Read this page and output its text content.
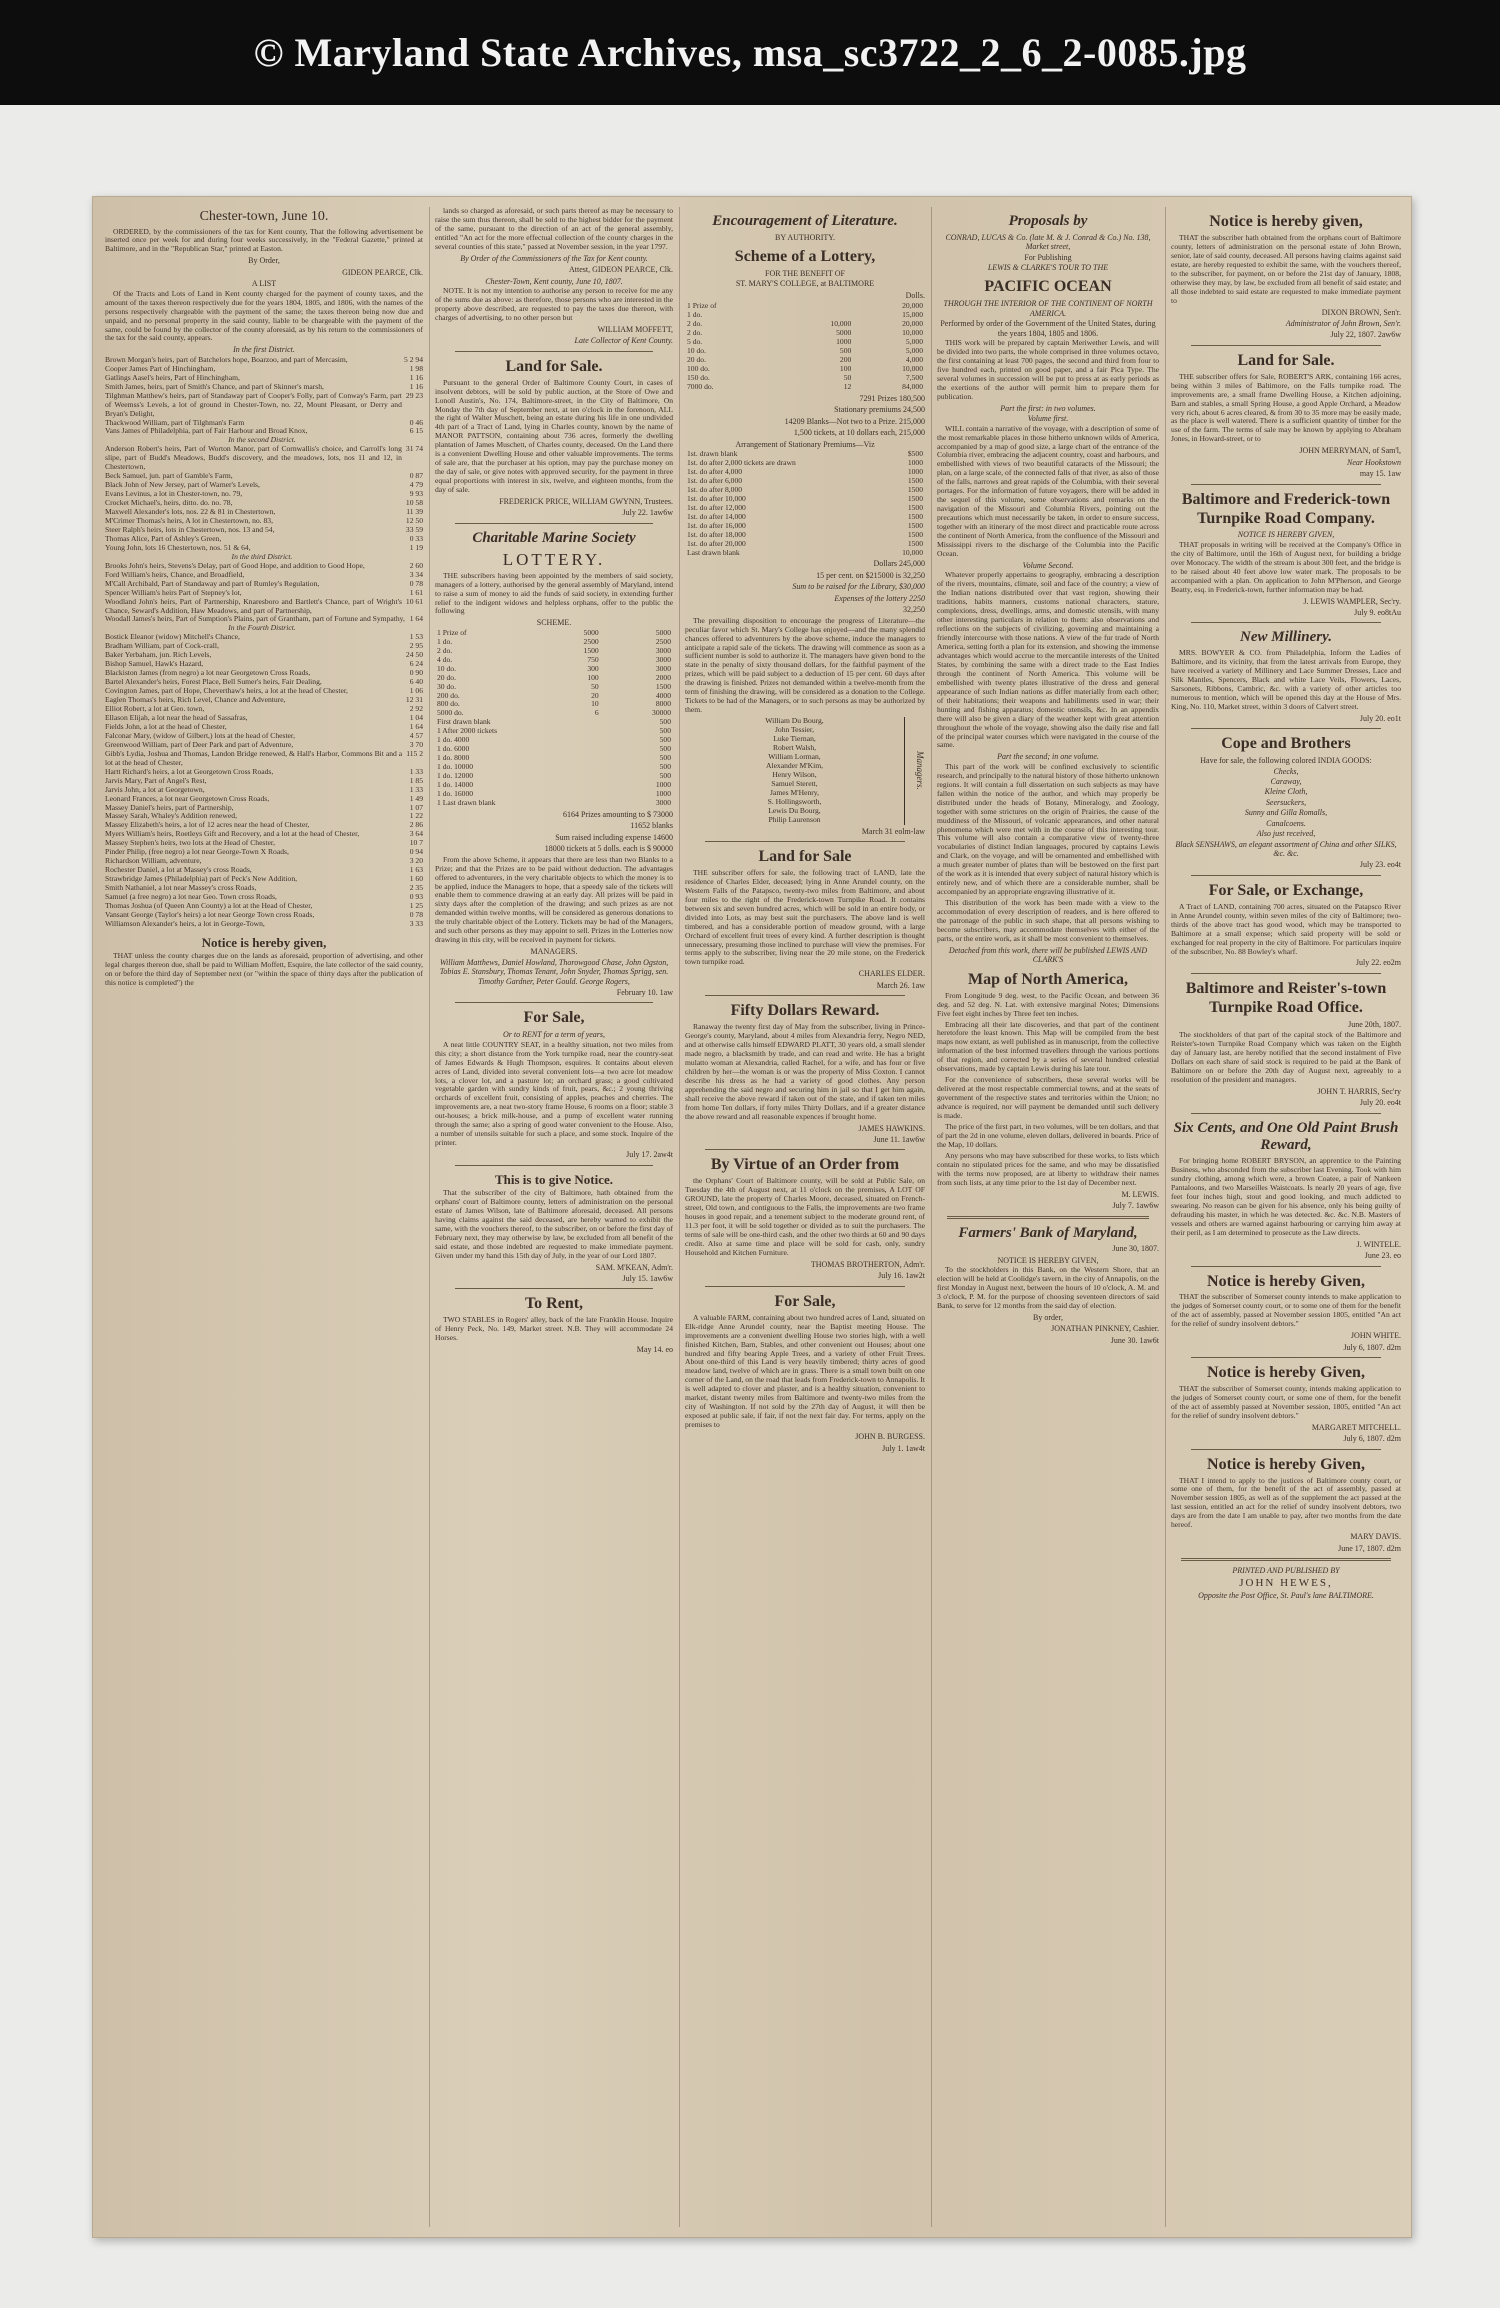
© Maryland State Archives, msa_sc3722_2_6_2-0085.jpg
Chester-town, June 10.

ORDERED, by the commissioners of the tax for Kent county, That the following advertisement be inserted once per week for and during four weeks successively, in the "Federal Gazette," printed at Baltimore, and in the "Republican Star," printed at Easton.

By Order,
GIDEON PEARCE, Clk.
A LIST

Of the Tracts and Lots of Land in Kent county charged for the payment of county taxes, and the amount of the taxes thereon respectively due for the years 1804, 1805, and 1806, with the names of the persons respectively chargeable with the payment of the same; the taxes thereon being now due and unpaid, and no personal property in the said county, liable to be chargeable with the payment of the same, could be found by the collector of the county aforesaid, as by his return to the commissioners of the tax for the said county, appears.

In the first District.
Brown Morgan's heirs, part of Batchelors hope, Boarzoo, and part of Mercasim,	5 2 94
Cooper James Part of Hinchingham,	1 98
Gatlings Aasel's heirs, Part of Hinchingham,	1 16
Smith James, heirs, part of Smith's Chance, and part of Skinner's marsh,	1 16
Tilghman Matthew's heirs, part of Standaway part of Cooper's Folly, part of Conway's Farm, part of Weemss's Levels, a lot of ground in Chester-Town, no. 22, Mount Pleasant, or Derry and Bryan's Delight,
29 23
Thackwood William, part of Tilghman's Farm	0 46
Vans James of Philadelphia, part of Fair Harbour and Broad Knox,	6 15
In the second District.
Anderson Robert's heirs, Part of Worton Manor, part of Cornwallis's choice, and Carroll's long slipe, part of Budd's Meadows, Budd's discovery, and the meadows, lots, nos 11 and 12, in Chestertown,
31 74
Beck Samuel, jun. part of Gamble's Farm,	0 87
Black John of New Jersey, part of Warner's Levels,	4 79
Evans Levinus, a lot in Chester-town, no. 79,	9 93
Crocket Michael's, heirs, ditto. do. no. 78,	10 58
Maxwell Alexander's lots, nos. 22 & 81 in Chestertown,	11 39
M'Crimer Thomas's heirs, A lot in Chestertown, no. 83,	12 50
Steer Ralph's heirs, lots in Chestertown, nos. 13 and 54,	33 59
Thomas Alice, Part of Ashley's Green,	0 33
Young John, lots 16 Chestertown, nos. 51 & 64,	1 19
In the third District.
Brooks John's heirs, Stevens's Delay, part of Good Hope, and addition to Good Hope,	2 60
Ford William's heirs, Chance, and Broadfield,	3 34
M'Call Archibald, Part of Standaway and part of Rumley's Regulation,	0 78
Spencer William's heirs Part of Stepney's lot,	1 61
Woodland John's heirs, Part of Partnership, Knaresboro and Bartlett's Chance, part of Wright's Chance, Seward's Addition, Haw Meadows, and part of Partnership,
10 61
Woodall James's heirs, Part of Sumption's Plains, part of Grantham, part of Fortune and Sympathy, 1 64
In the Fourth District.
Bostick Eleanor (widow) Mitchell's Chance,	1 53
Bradham William, part of Cock-crall,	2 95
Baker Yerbaham, jun. Rich Levels,	24 50
Bishop Samuel, Hawk's Hazard,	6 24
Blackiston James (from negro) a lot near Georgetown Cross Roads,	0 90
Bartel Alexander's heirs, Forest Place, Bell Sumer's heirs, Fair Dealing,	6 40
Covington James, part of Hope, Cheverthaw's heirs, a lot at the head of Chester,	1 06
Eaglen Thomas's heirs, Rich Level, Chance and Adventure,	12 31
Elliot Robert, a lot at Geo. town,	2 92
Ellason Elijah, a lot near the head of Sassafras,	1 04
Fields John, a lot at the head of Chester,	1 64
Falconar Mary, (widow of Gilbert,) lots at the head of Chester,	4 57
Greenwood William, part of Deer Park and part of Adventure,	3 70
Gibb's Lydia, Joshua and Thomas, Landon Bridge renewed, & Hall's Harbor, Commons Bit and a lot at the head of Chester,
115 2
Hartt Richard's heirs, a lot at Georgetown Cross Roads,	1 33
Jarvis Mary, Part of Angel's Rest,	1 85
Jarvis John, a lot at Georgetown,	1 33
Leonard Frances, a lot near Georgetown Cross Roads,	1 49
Massey Daniel's heirs, part of Partnership,	1 07
Massey Sarah, Whaley's Addition renewed,	1 22
Massey Elizabeth's heirs, a lot of 12 acres near the head of Chester,	2 86
Myers William's heirs, Roetleys Gift and Recovery, and a lot at the head of Chester,	3 64
Massey Stephen's heirs, two lots at the Head of Chester,	10 7
Pinder Philip, (free negro) a lot near George-Town X Roads,	0 94
Richardson William, adventure,	3 20
Rochester Daniel, a lot at Massey's cross Roads,	1 63
Strawbridge James (Philadelphia) part of Peck's New Addition,	1 60
Smith Nathaniel, a lot near Massey's cross Roads,	2 35
Samuel (a free negro) a lot near Geo. Town cross Roads,	0 93
Thomas Joshua (of Queen Ann County) a lot at the Head of Chester,	1 25
Vansant George (Taylor's heirs) a lot near George Town cross Roads,	0 78
Williamson Alexander's heirs, a lot in George-Town,	3 33
Notice is hereby given,

THAT unless the county charges due on the lands as aforesaid, proportion of advertising, and other legal charges thereon due, shall be paid to William Moffett, Esquire, the late collector of the said county, on or before the third day of September next (or "within the space of thirty days after the publication of this notice is completed") the

lands so charged as aforesaid, or such parts thereof as may be necessary to raise the sum thus thereon, shall be sold to the highest bidder for the payment of the same, pursuant to the direction of an act of the general assembly, entitled "An act for the more effectual collection of the county charges in the several counties of this state," passed at November session, in the year 1797.

By Order of the Commissioners of the Tax for Kent county.
Attest, GIDEON PEARCE, Clk.
Chester-Town, Kent county, June 10, 1807.

NOTE. It is not my intention to authorise any person to receive for me any of the sums due as above: as therefore, those persons who are interested in the property above described, are requested to pay the taxes due thereon, with charges of advertising, to no other person but

WILLIAM MOFFETT,
Late Collector of Kent County.
Land for Sale.

Pursuant to the general Order of Baltimore County Court, in cases of insolvent debtors, will be sold by public auction, at the Store of Owe and Lonoll Austin's, No. 174, Baltimore-street, in the City of Baltimore, On Monday the 7th day of September next, at ten o'clock in the forenoon, ALL the right of Walter Muschett, being an estate during his life in one undivided 4th part of a Tract of Land, lying in Charles county, known by the name of MANOR PATTSON, containing about 736 acres, formerly the dwelling plantation of James Muschett, of Charles county, deceased. On the Land there is a convenient Dwelling House and other valuable improvements. The terms of sale are, that the purchaser at his option, may pay the purchase money on the day of sale, or give notes with approved security, for the payment in three equal proportions with interest in six, twelve, and eighteen months, from the day of sale.

FREDERICK PRICE, WILLIAM GWYNN, Trustees.
July 22. 1aw6w
Charitable Marine Society
LOTTERY.

THE subscribers having been appointed by the members of said society, managers of a lottery, authorised by the general assembly of Maryland, intend to raise a sum of money to aid the funds of said society, in extending further relief to the indigent widows and helpless orphans, offer to the public the following

SCHEME.
1 Prize of	5000	5000
1 do.	2500	2500
2 do.	1500	3000
4 do.	750	3000
10 do.	300	3000
20 do.	100	2000
30 do.	50	1500
200 do.	20	4000
800 do.	10	8000
5000 do.	6	30000
First drawn blank	500
1 After 2000 tickets	500
1 do. 4000	500
1 do. 6000	500
1 do. 8000	500
1 do. 10000	500
1 do. 12000	500
1 do. 14000	1000
1 do. 16000	1000
1 Last drawn blank	3000
6164 Prizes amounting to $ 73000
11652 blanks
Sum raised including expense 14600
18000 tickets at 5 dolls. each is $ 90000

From the above Scheme, it appears that there are less than two Blanks to a Prize; and that the Prizes are to be paid without deduction. The advantages offered to adventurers, in the very charitable objects to which the money is to be applied, induce the Managers to hope, that a speedy sale of the tickets will enable them to commence drawing at an early day. All prizes will be paid in sixty days after the completion of the drawing; and such prizes as are not demanded within twelve months, will be considered as generous donations to the truly charitable object of the Lottery. Tickets may be had of the Managers, and such other persons as they may appoint to sell. Prizes in the Lotteries now drawing in this city, will be received in payment for tickets.

MANAGERS.
William Matthews, Daniel Howland, Thorowgood Chase, John Ogston, Tobias E. Stansbury, Thomas Tenant, John Snyder, Thomas Sprigg, sen. Timothy Gardner, Peter Gould. George Rogers,
February 10. 1aw
For Sale,
Or to RENT for a term of years,

A neat little COUNTRY SEAT, in a healthy situation, not two miles from this city; a short distance from the York turnpike road, near the country-seat of James Edwards & Hugh Thompson, esquires. It contains about eleven acres of Land, divided into several convenient lots—a two acre lot meadow lots, a clover lot, and a pasture lot; an orchard grass; a good cultivated vegetable garden with sundry kinds of fruit, pears, &c.; 2 young thriving orchards of excellent fruit, consisting of apples, peaches and cherries. The improvements are, a neat two-story frame House, 6 rooms on a floor; stable 3 out-houses; a brick milk-house, and a pump of excellent water running through the same; also a spring of good water convenient to the House. Also, a number of utensils suitable for such a place, and some stock. Inquire of the printer.

July 17. 2aw4t
This is to give Notice.

That the subscriber of the city of Baltimore, hath obtained from the orphans' court of Baltimore county, letters of administration on the personal estate of James Wilson, late of Baltimore aforesaid, deceased. All persons having claims against the said deceased, are hereby warned to exhibit the same, with the vouchers thereof, to the subscriber, on or before the first day of February next, they may otherwise by law, be excluded from all benefit of the said estate, and those indebted are requested to make immediate payment. Given under my hand this 15th day of July, in the year of our Lord 1807.

SAM. M'KEAN, Adm'r.
July 15. 1aw6w
To Rent,

TWO STABLES in Rogers' alley, back of the late Franklin House. Inquire of Henry Peck, No. 149, Market street. N.B. They will accommodate 24 Horses.

May 14. eo
Encouragement of Literature.
BY AUTHORITY.
Scheme of a Lottery,
FOR THE BENEFIT OF
ST. MARY'S COLLEGE, at BALTIMORE
Dolls.
1 Prize of		20,000
1 do.		15,000
2 do.	10,000	20,000
2 do.	5000	10,000
5 do.	1000	5,000
10 do.	500	5,000
20 do.	200	4,000
100 do.	100	10,000
150 do.	50	7,500
7000 do.	12	84,000
7291 Prizes 180,500
Stationary premiums 24,500
14209 Blanks—Not two to a Prize. 215,000
1,500 tickets, at 10 dollars each, 215,000
Arrangement of Stationary Premiums—Viz
1st. drawn blank	$500
1st. do after 2,000 tickets are drawn	1000
1st. do after 4,000	1000
1st. do after 6,000	1500
1st. do after 8,000	1500
1st. do after 10,000	1500
1st. do after 12,000	1500
1st. do after 14,000	1500
1st. do after 16,000	1500
1st. do after 18,000	1500
1st. do after 20,000	1500
Last drawn blank	10,000
Dollars 245,000
15 per cent. on $215000 is 32,250
Sum to be raised for the Library, $30,000
Expenses of the lottery 2250
32,250

The prevailing disposition to encourage the progress of Literature—the peculiar favor which St. Mary's College has enjoyed—and the many splendid chances offered to adventurers by the above scheme, induce the managers to anticipate a rapid sale of the tickets. The drawing will commence as soon as a sufficient number is sold to authorize it. The managers have given bond to the state in the penalty of sixty thousand dollars, for the faithful payment of the prizes, which will be paid subject to a deduction of 15 per cent. 60 days after the drawing is finished. Prizes not demanded within a twelve-month from the term of finishing the drawing, will be considered as a donation to the College. Tickets to be had of the Managers, or to such persons as may be authorized by them.

William Du Bourg,
John Tessier,
Luke Tiernan,
Robert Walsh,
William Lorman,
Alexander M'Kim,
Henry Wilson,
Samuel Sterett,
James M'Henry,
S. Hollingsworth,
Lewis Du Bourg,
Philip Laurenson
Managers.
March 31 eolm-law
Land for Sale

THE subscriber offers for sale, the following tract of LAND, late the residence of Charles Elder, deceased; lying in Anne Arundel county, on the Western Falls of the Patapsco, twenty-two miles from Baltimore, and about four miles to the right of the Frederick-town Turnpike Road. It contains between six and seven hundred acres, which will be sold in an entire body, or divided into Lots, as may best suit the purchasers. The above land is well timbered, and has a considerable portion of meadow ground, with a large Orchard of excellent fruit trees of every kind. A further description is thought unnecessary, presuming those inclined to purchase will view the premises. For terms apply to the subscriber, living near the 20 mile stone, on the Frederick town turnpike road.

CHARLES ELDER.
March 26. 1aw
Fifty Dollars Reward.

Ranaway the twenty first day of May from the subscriber, living in Prince-George's county, Maryland, about 4 miles from Alexandria ferry, Negro NED, and at otherwise calls himself EDWARD PLATT, 30 years old, a small slender made negro, a blacksmith by trade, and can read and write. He has a bright mulatto woman at Alexandria, called Rachel, for a wife, and has four or five children by her—the woman is or was the property of Miss Coxton. I cannot describe his dress as he had a variety of good clothes. Any person apprehending the said negro and securing him in jail so that I get him again, shall receive the above reward if taken out of the state, and if taken ten miles from home Ten dollars, if forty miles Thirty Dollars, and if a greater distance the above reward and all reasonable expences if brought home.

JAMES HAWKINS.
June 11. 1aw6w
By Virtue of an Order from

the Orphans' Court of Baltimore county, will be sold at Public Sale, on Tuesday the 4th of August next, at 11 o'clock on the premises, A LOT OF GROUND, late the property of Charles Moore, deceased, situated on French-street, Old town, and contiguous to the Falls, the improvements are two frame houses in good repair, and a tenement subject to the moderate ground rent, of 11.3 per foot, it will be sold together or divided as to suit the purchasers. The terms of sale will be one-third cash, and the other two thirds at 60 and 90 days credit. Also at same time and place will be sold for cash, only, sundry Household and Kitchen Furniture.

THOMAS BROTHERTON, Adm'r.
July 16. 1aw2t
For Sale,

A valuable FARM, containing about two hundred acres of Land, situated on Elk-ridge Anne Arundel county, near the Baptist meeting House. The improvements are a convenient dwelling House two stories high, with a well finished Kitchen, Barn, Stables, and other convenient out Houses; about one hundred and fifty bearing Apple Trees, and a variety of other Fruit Trees. About one-third of this Land is very heavily timbered; thirty acres of good meadow land, twelve of which are in grass. There is a small town built on one corner of the Land, on the road that leads from Frederick-town to Annapolis. It is well adapted to clover and plaster, and is a healthy situation, convenient to market, distant twenty miles from Baltimore and twenty-two miles from the city of Washington. If not sold by the 27th day of August, it will then be exposed at public sale, if fair, if not the next fair day. For terms, apply on the premises to

JOHN B. BURGESS.
July 1. 1aw4t
Proposals by
CONRAD, LUCAS & Co. (late M. & J. Conrad & Co.) No. 138, Market street,
For Publishing
LEWIS & CLARKE'S TOUR TO THE
PACIFIC OCEAN
THROUGH THE INTERIOR OF THE CONTINENT OF NORTH AMERICA.
Performed by order of the Government of the United States, during the years 1804, 1805 and 1806.

THIS work will be prepared by captain Meriwether Lewis, and will be divided into two parts, the whole comprised in three volumes octavo, the first containing at least 700 pages, the second and third from four to five hundred each, printed on good paper, and a fair Pica Type. The several volumes in succession will be put to press at as early periods as the exertions of the author will permit him to prepare them for publication.

Part the first: in two volumes.
Volume first.

WILL contain a narrative of the voyage, with a description of some of the most remarkable places in those hitherto unknown wilds of America, accompanied by a map of good size, a large chart of the entrance of the Columbia river, embracing the adjacent country, coast and harbours, and embellished with views of two beautiful cataracts of the Missouri; the plan, on a large scale, of the connected falls of that river, as also of those of the falls, narrows and great rapids of the Columbia, with their several portages. For the information of future voyagers, there will be added in the sequel of this volume, some observations and remarks on the navigation of the Missouri and Columbia Rivers, pointing out the precautions which must necessarily be taken, in order to ensure success, together with an itinerary of the most direct and practicable route across the continent of North America, from the confluence of the Missouri and Mississippi rivers to the discharge of the Columbia into the Pacific Ocean.

Volume Second.

Whatever properly appertains to geography, embracing a description of the rivers, mountains, climate, soil and face of the country; a view of the Indian nations distributed over that vast region, showing their traditions, habits manners, customs national characters, stature, complexions, dress, dwellings, arms, and domestic utensils, with many other interesting particulars in relation to them: also observations and reflections on the subjects of civilizing, governing and maintaining a friendly intercourse with those nations. A view of the fur trade of North America, setting forth a plan for its extension, and showing the immense advantages which would accrue to the mercantile interests of the United States, by combining the same with a direct trade to the East Indies through the continent of North America. This volume will be embellished with twenty plates illustrative of the dress and general appearance of such Indian nations as differ materially from each other; of their habitations; their weapons and habiliments used in war; their hunting and fishing apparatus; domestic utensils, &c. In an appendix there will also be given a diary of the weather kept with great attention throughout the whole of the voyage, showing also the daily rise and fall of the principal water courses which were navigated in the course of the same.

Part the second; in one volume.

This part of the work will be confined exclusively to scientific research, and principally to the natural history of those hitherto unknown regions. It will contain a full dissertation on such subjects as may have fallen within the notice of the author, and which may properly be distributed under the heads of Botany, Mineralogy, and Zoology, together with some strictures on the origin of Prairies, the cause of the muddiness of the Missouri, of volcanic appearances, and other natural phenomena which were met with in the course of this interesting tour. This volume will also contain a comparative view of twenty-three vocabularies of distinct Indian languages, procured by captains Lewis and Clark, on the voyage, and will be ornamented and embellished with a much greater number of plates than will be bestowed on the first part of the work as it is intended that every subject of natural history which is entirely new, and of which there are a considerable number, shall be accompanied by an appropriate engraving illustrative of it.

This distribution of the work has been made with a view to the accommodation of every description of readers, and is here offered to the patronage of the public in such shape, that all persons wishing to become subscribers, may accommodate themselves with either of the parts, or the entire work, as it shall be most convenient to themselves.

Detached from this work, there will be published LEWIS AND CLARK'S
Map of North America,

From Longitude 9 deg. west, to the Pacific Ocean, and between 36 deg. and 52 deg. N. Lat. with extensive marginal Notes; Dimensions Five feet eight inches by Three feet ten inches.

Embracing all their late discoveries, and that part of the continent heretofore the least known. This Map will be compiled from the best maps now extant, as well published as in manuscript, from the collective information of the best informed travellers through the various portions of that region, and corrected by a series of several hundred celestial observations, made by captain Lewis during his late tour.

For the convenience of subscribers, these several works will be delivered at the most respectable commercial towns, and at the seats of government of the respective states and territories within the Union; no advance is required, nor will payment be demanded until such delivery is made.

The price of the first part, in two volumes, will be ten dollars, and that of part the 2d in one volume, eleven dollars, delivered in boards. Price of the Map, 10 dollars.

Any persons who may have subscribed for these works, to lists which contain no stipulated prices for the same, and who may be dissatisfied with the terms now proposed, are at liberty to withdraw their names from such lists, at any time prior to the 1st day of December next.

M. LEWIS.
July 7. 1aw6w
Farmers' Bank of Maryland,
June 30, 1807.
NOTICE IS HEREBY GIVEN,

To the stockholders in this Bank, on the Western Shore, that an election will be held at Coolidge's tavern, in the city of Annapolis, on the first Monday in August next, between the hours of 10 o'clock, A. M. and 3 o'clock, P. M. for the purpose of choosing seventeen directors of said Bank, to serve for 12 months from the said day of election.

By order,
JONATHAN PINKNEY, Cashier.
June 30. 1aw6t
Notice is hereby given,

THAT the subscriber hath obtained from the orphans court of Baltimore county, letters of administration on the personal estate of John Brown, senior, late of said county, deceased. All persons having claims against said estate, are hereby requested to exhibit the same, with the vouchers thereof, to the subscriber, for payment, on or before the 21st day of January, 1808, otherwise they may, by law, be excluded from all benefit of said estate; and all those indebted to said estate are requested to make immediate payment to

DIXON BROWN, Sen'r.
Administrator of John Brown, Sen'r.
July 22, 1807. 2aw6w
Land for Sale.

THE subscriber offers for Sale, ROBERT'S ARK, containing 166 acres, being within 3 miles of Baltimore, on the Falls turnpike road. The improvements are, a small frame Dwelling House, a Kitchen adjoining, Barn and stables, a small Spring House, a good Apple Orchard, a Meadow very rich, about 6 acres cleared, & from 30 to 35 more may be easily made, as the place is well watered. There is a sufficient quantity of timber for the use of the farm. The terms of sale may be known by applying to Abraham Jones, in Howard-street, or to

JOHN MERRYMAN, of Sam'l,
Near Hookstown
may 15. 1aw
Baltimore and Frederick-town Turnpike Road Company.
NOTICE IS HEREBY GIVEN,

THAT proposals in writing will be received at the Company's Office in the city of Baltimore, until the 16th of August next, for building a bridge over Monocacy. The width of the stream is about 300 feet, and the bridge is to be raised about 40 feet above low water mark. The proposals to be accompanied with a plan. On application to John M'Pherson, and George Beatty, esq. in Frederick-town, further information may be had.

J. LEWIS WAMPLER, Sec'ry.
July 9. eo8tAu
New Millinery.

MRS. BOWYER & CO. from Philadelphia, Inform the Ladies of Baltimore, and its vicinity, that from the latest arrivals from Europe, they have received a variety of Millinery and Lace Summer Dresses, Lace and Silk Mantles, Spencers, Black and white Lace Veils, Flowers, Laces, Sarsonets, Ribbons, Cambric, &c. with a variety of other articles too numerous to mention, which will be opened this day at the House of Mrs. King, No. 110, Market street, within 3 doors of Calvert street.

July 20. eo1t
Cope and Brothers
Have for sale, the following colored INDIA GOODS:
Checks,
Caraway,
Kleine Cloth,
Seersuckers,
Sunny and Gilla Romalls,
Canalcoens.
Also just received,
Black SENSHAWS, an elegant assortment of China and other SILKS, &c. &c.
July 23. eo4t
For Sale, or Exchange,

A Tract of LAND, containing 700 acres, situated on the Patapsco River in Anne Arundel county, within seven miles of the city of Baltimore; two-thirds of the above tract has good wood, which may be transported to Baltimore at a small expense; which said property will be sold or exchanged for real property in the city of Baltimore. For particulars inquire of the subscriber, No. 88 Bowley's wharf.

July 22. eo2m
Baltimore and Reister's-town Turnpike Road Office.
June 20th, 1807.

The stockholders of that part of the capital stock of the Baltimore and Reister's-town Turnpike Road Company which was taken on the Eighth day of January last, are hereby notified that the second instalment of Five Dollars on each share of said stock is required to be paid at the Bank of Baltimore on or before the 20th day of August next, agreeably to a resolution of the president and managers.

JOHN T. HARRIS, Sec'ry
July 20. eo4t
Six Cents, and One Old Paint Brush Reward,

For bringing home ROBERT BRYSON, an apprentice to the Painting Business, who absconded from the subscriber last Evening. Took with him sundry clothing, among which were, a brown Coatee, a pair of Nankeen Pantaloons, and two Marseilles Waistcoats. Is nearly 20 years of age, five feet four inches high, stout and good looking, and much addicted to swearing. No reason can be given for his absence, only his being guilty of defrauding his master, in which he was detected. &c. &c. N.B. Masters of vessels and others are warned against harbouring or carrying him away at their peril, as I am determined to prosecute as the Law directs.

J. WINTELE.
June 23. eo
Notice is hereby Given,

THAT the subscriber of Somerset county intends to make application to the judges of Somerset county court, or to some one of them for the benefit of the act of assembly, passed at November session 1805, entitled "An act for the relief of sundry insolvent debtors."

JOHN WHITE.
July 6, 1807. d2m
Notice is hereby Given,

THAT the subscriber of Somerset county, intends making application to the judges of Somerset county court, or some one of them, for the benefit of the act of assembly passed at November session, 1805, entitled "An act for the relief of sundry insolvent debtors."

MARGARET MITCHELL.
July 6, 1807. d2m
Notice is hereby Given,

THAT I intend to apply to the justices of Baltimore county court, or some one of them, for the benefit of the act of assembly, passed at November session 1805, as well as of the supplement the act passed at the last session, entitled an act for the relief of sundry insolvent debtors, two days are from the date I am unable to pay, after two months from the date hereof.

MARY DAVIS.
June 17, 1807. d2m
PRINTED AND PUBLISHED BY
JOHN HEWES,
Opposite the Post Office, St. Paul's lane BALTIMORE.
